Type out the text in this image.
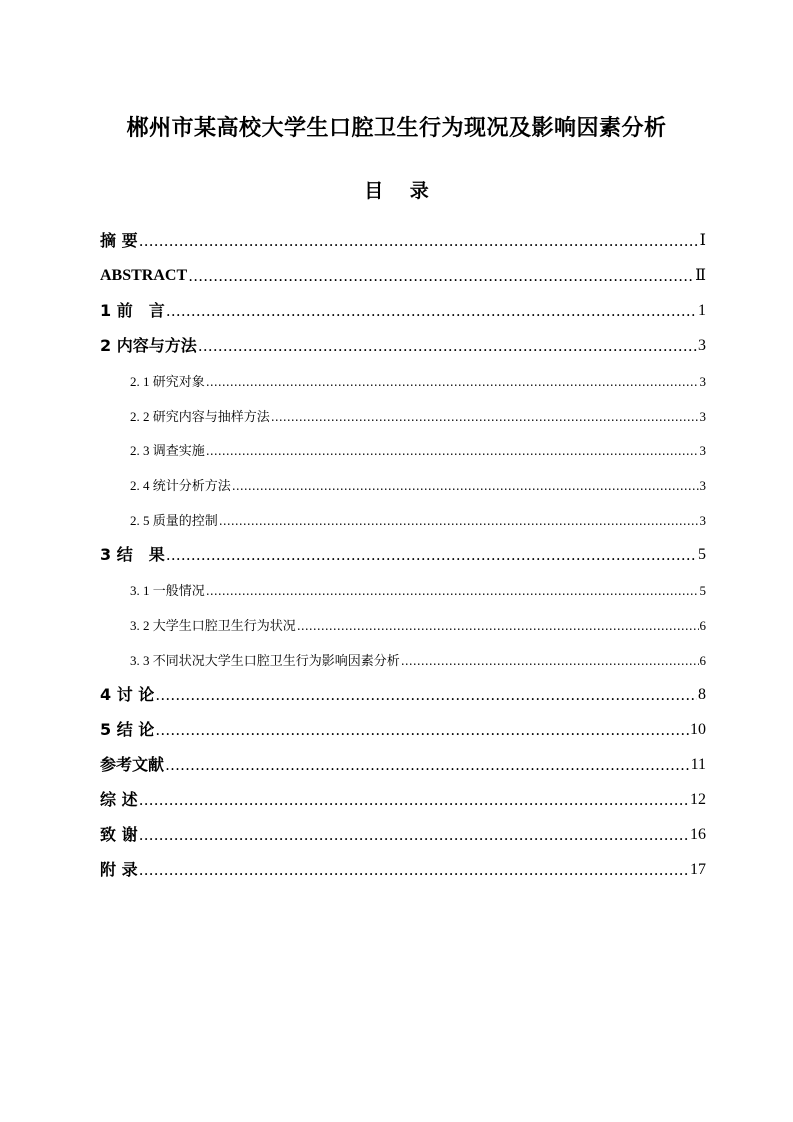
郴州市某高校大学生口腔卫生行为现况及影响因素分析
目 录
摘 要 ……………………………………………………………………………………………………………………………………………………………………………………………………………	Ⅰ
ABSTRACT ……………………………………………………………………………………………………………………………………………………………………………………………………………	Ⅱ
1 前　言 ……………………………………………………………………………………………………………………………………………………………………………………………………………	1
2 内容与方法 ……………………………………………………………………………………………………………………………………………………………………………………………………………	3
2. 1 研究对象 ……………………………………………………………………………………………………………………………………………………………………………………………………………	3
2. 2 研究内容与抽样方法 ……………………………………………………………………………………………………………………………………………………………………………………………………………	3
2. 3 调查实施 ……………………………………………………………………………………………………………………………………………………………………………………………………………	3
2. 4 统计分析方法 ……………………………………………………………………………………………………………………………………………………………………………………………………………	3
2. 5 质量的控制 ……………………………………………………………………………………………………………………………………………………………………………………………………………	3
3 结　果 ……………………………………………………………………………………………………………………………………………………………………………………………………………	5
3. 1 一般情况 ……………………………………………………………………………………………………………………………………………………………………………………………………………	5
3. 2 大学生口腔卫生行为状况 ……………………………………………………………………………………………………………………………………………………………………………………………………………	6
3. 3 不同状况大学生口腔卫生行为影响因素分析 ……………………………………………………………………………………………………………………………………………………………………………………………………………	6
4 讨 论 ……………………………………………………………………………………………………………………………………………………………………………………………………………	8
5 结 论 ……………………………………………………………………………………………………………………………………………………………………………………………………………	10
参考文献 ……………………………………………………………………………………………………………………………………………………………………………………………………………	11
综 述 ……………………………………………………………………………………………………………………………………………………………………………………………………………	12
致 谢 ……………………………………………………………………………………………………………………………………………………………………………………………………………	16
附 录 ……………………………………………………………………………………………………………………………………………………………………………………………………………	17
